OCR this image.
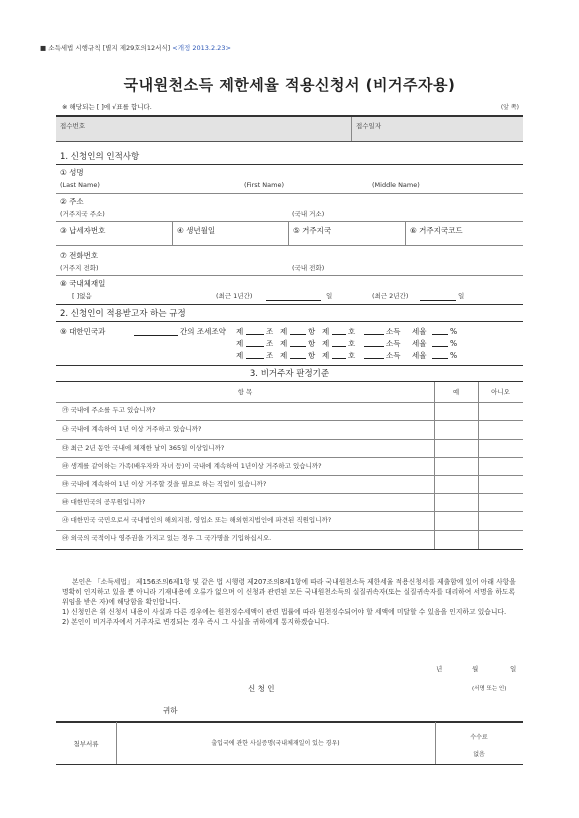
■ 소득세법 시행규칙 [별지 제29호의12서식] <개정 2013.2.23>
국내원천소득 제한세율 적용신청서 (비거주자용)
※ 해당되는 [ ]에 √표를 합니다.	(앞 쪽)
접수번호	접수일자
1. 신청인의 인적사항
① 성명
(Last Name)	(First Name)	(Middle Name)
② 주소
(거주지국 주소)	(국내 거소)
③ 납세자번호	④ 생년월일	⑤ 거주지국	⑥ 거주지국코드
⑦ 전화번호
(거주지 전화)	(국내 전화)
⑧ 국내체재일
[ ]없음	(최근 1년간)	일	(최근 2년간)	일
2. 신청인이 적용받고자 하는 규정
⑨ 대한민국과	간의 조세조약 제	조 제	항 제	호	소득 세율	%
제	조 제	항 제	호	소득 세율	%
제	조 제	항 제	호	소득 세율	%
3. 비거주자 판정기준
항 목	예	아니오
㉮ 국내에 주소를 두고 있습니까?
㉯ 국내에 계속하여 1년 이상 거주하고 있습니까?
㉰ 최근 2년 동안 국내에 체재한 날이 365일 이상입니까?
㉱ 생계를 같이하는 가족(배우자와 자녀 등)이 국내에 계속하여 1년이상 거주하고 있습니까?
㉲ 국내에 계속하여 1년 이상 거주할 것을 필요로 하는 직업이 있습니까?
㉳ 대한민국의 공무원입니까?
㉴ 대한민국 국민으로서 국내법인의 해외지점, 영업소 또는 해외현지법인에 파견된 직원입니까?
㉵ 외국의 국적이나 영주권을 가지고 있는 경우 그 국가명을 기입하십시오.

본인은 「소득세법」 제156조의6제1항 및 같은 법 시행령 제207조의8제1항에 따라 국내원천소득 제한세율 적용신청서를 제출함에 있어 아래 사항을 명확히 인지하고 있을 뿐 아니라 기재내용에 오류가 없으며 이 신청과 관련된 모든 국내원천소득의 실질귀속자(또는 실질귀속자를 대리하여 서명을 하도록 위임을 받은 자)에 해당함을 확인합니다.

1) 신청인은 위 신청서 내용이 사실과 다른 경우에는 원천징수세액이 관련 법률에 따라 원천징수되어야 할 세액에 미달할 수 있음을 인지하고 있습니다.

2) 본인이 비거주자에서 거주자로 변경되는 경우 즉시 그 사실을 귀하에게 통지하겠습니다.

년	월	일
신 청 인	(서명 또는 인)
귀하
첨부서류	출입국에 관한 사실증명(국내체재일이 있는 경우)
수수료
없음
